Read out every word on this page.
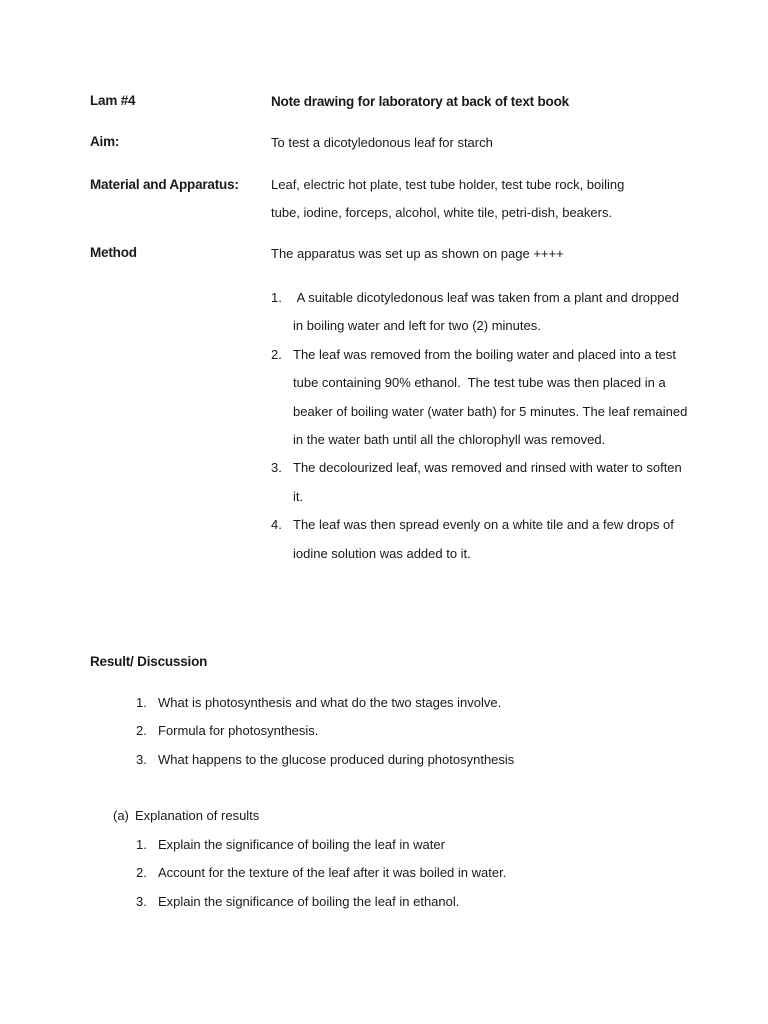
Lam #4	Note drawing for laboratory at back of text book
Aim:	To test a dicotyledonous leaf for starch
Material and Apparatus:	Leaf, electric hot plate, test tube holder, test tube rock, boiling
tube, iodine, forceps, alcohol, white tile, petri-dish, beakers.
Method	The apparatus was set up as shown on page ++++
1. A suitable dicotyledonous leaf was taken from a plant and dropped in boiling water and left for two (2) minutes.
2. The leaf was removed from the boiling water and placed into a test tube containing 90% ethanol.  The test tube was then placed in a beaker of boiling water (water bath) for 5 minutes. The leaf remained in the water bath until all the chlorophyll was removed.
3. The decolourized leaf, was removed and rinsed with water to soften it.
4. The leaf was then spread evenly on a white tile and a few drops of iodine solution was added to it.
Result/ Discussion
1. What is photosynthesis and what do the two stages involve.
2. Formula for photosynthesis.
3. What happens to the glucose produced during photosynthesis
(a) Explanation of results
1. Explain the significance of boiling the leaf in water
2. Account for the texture of the leaf after it was boiled in water.
3. Explain the significance of boiling the leaf in ethanol.
